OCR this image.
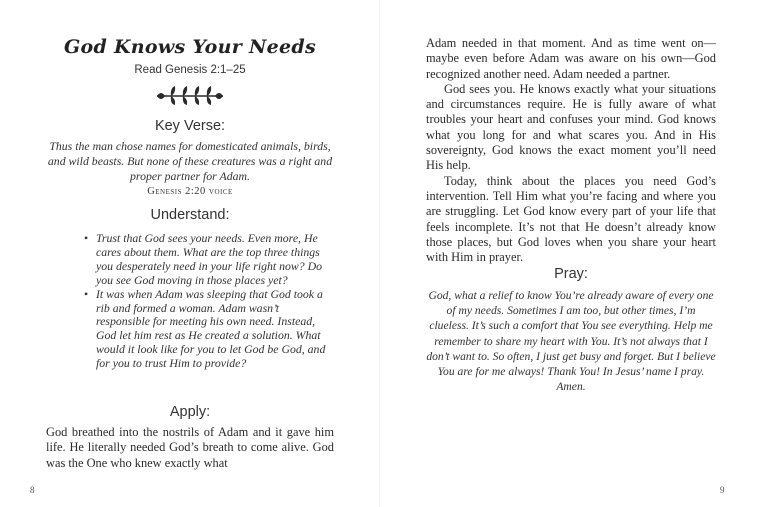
God Knows Your Needs
Read Genesis 2:1–25
Key Verse:

Thus the man chose names for domesticated animals, birds, and wild beasts. But none of these creatures was a right and proper partner for Adam.

Genesis 2:20 voice

Understand:
• Trust that God sees your needs. Even more, He cares about them. What are the top three things you desperately need in your life right now? Do you see God moving in those places yet?
• It was when Adam was sleeping that God took a rib and formed a woman. Adam wasn’t responsible for meeting his own need. Instead, God let him rest as He created a solution. What would it look like for you to let God be God, and for you to trust Him to provide?
Apply:

God breathed into the nostrils of Adam and it gave him life. He literally needed God’s breath to come alive. God was the One who knew exactly what

8

Adam needed in that moment. And as time went on—maybe even before Adam was aware on his own—God recognized another need. Adam needed a partner.

God sees you. He knows exactly what your situations and circumstances require. He is fully aware of what troubles your heart and confuses your mind. God knows what you long for and what scares you. And in His sovereignty, God knows the exact moment you’ll need His help.

Today, think about the places you need God’s intervention. Tell Him what you’re facing and where you are struggling. Let God know every part of your life that feels incomplete. It’s not that He doesn’t already know those places, but God loves when you share your heart with Him in prayer.

Pray:
God, what a relief to know You’re already aware of every one of my needs. Sometimes I am too, but other times, I’m clueless. It’s such a comfort that You see everything. Help me remember to share my heart with You. It’s not always that I don’t want to. So often, I just get busy and forget. But I believe You are for me always! Thank You! In Jesus’ name I pray. Amen.
9
